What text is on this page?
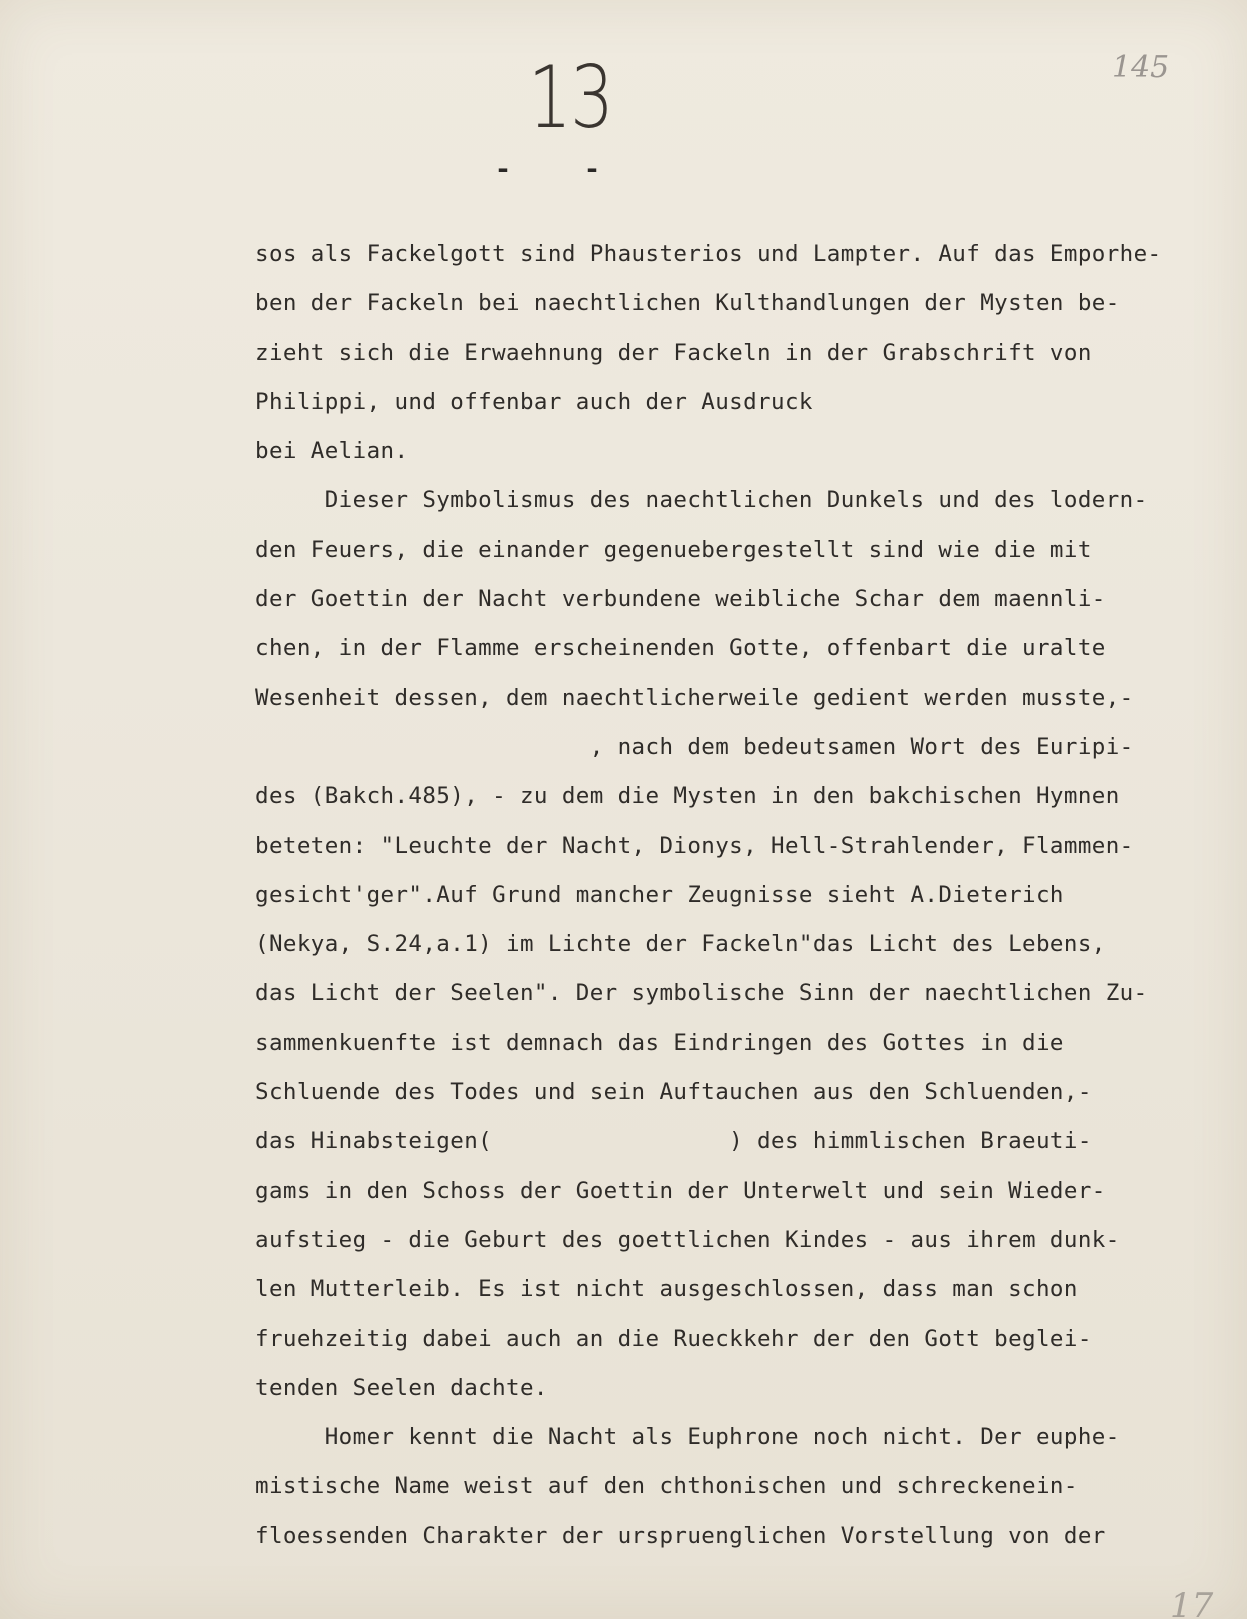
13	145
- -
sos als Fackelgott sind Phausterios und Lampter. Auf das Emporhe-
ben der Fackeln bei naechtlichen Kulthandlungen der Mysten be-
zieht sich die Erwaehnung der Fackeln in der Grabschrift von
Philippi, und offenbar auch der Ausdruck
bei Aelian.
Dieser Symbolismus des naechtlichen Dunkels und des lodern-
den Feuers, die einander gegenuebergestellt sind wie die mit
der Goettin der Nacht verbundene weibliche Schar dem maennli-
chen, in der Flamme erscheinenden Gotte, offenbart die uralte
Wesenheit dessen, dem naechtlicherweile gedient werden musste,-
, nach dem bedeutsamen Wort des Euripi-
des (Bakch.485), - zu dem die Mysten in den bakchischen Hymnen
beteten: "Leuchte der Nacht, Dionys, Hell-Strahlender, Flammen-
gesicht'ger".Auf Grund mancher Zeugnisse sieht A.Dieterich
(Nekya, S.24,a.1) im Lichte der Fackeln"das Licht des Lebens,
das Licht der Seelen". Der symbolische Sinn der naechtlichen Zu-
sammenkuenfte ist demnach das Eindringen des Gottes in die
Schluende des Todes und sein Auftauchen aus den Schluenden,-
das Hinabsteigen(                 ) des himmlischen Braeuti-
gams in den Schoss der Goettin der Unterwelt und sein Wieder-
aufstieg - die Geburt des goettlichen Kindes - aus ihrem dunk-
len Mutterleib. Es ist nicht ausgeschlossen, dass man schon
fruehzeitig dabei auch an die Rueckkehr der den Gott beglei-
tenden Seelen dachte.
Homer kennt die Nacht als Euphrone noch nicht. Der euphe-
mistische Name weist auf den chthonischen und schreckenein-
floessenden Charakter der urspruenglichen Vorstellung von der
17
